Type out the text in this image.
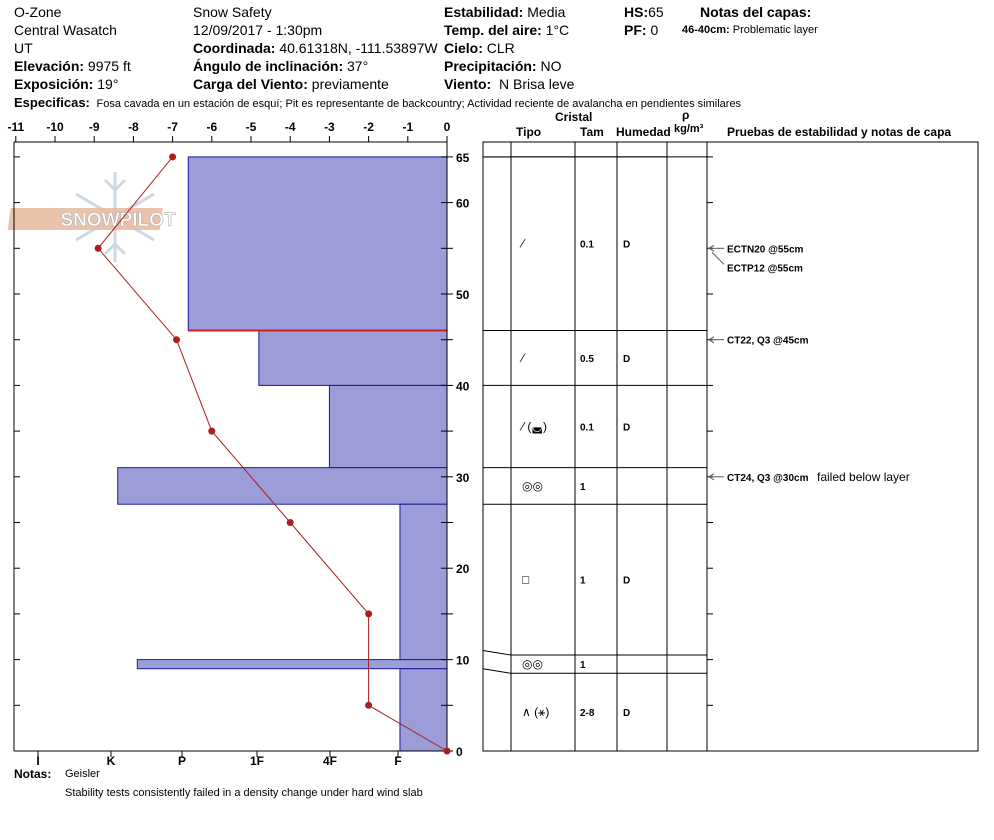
O-Zone
Central Wasatch
UT
Elevación: 9975 ft
Exposición: 19°
Snow Safety
12/09/2017 - 1:30pm
Coordinada: 40.61318N, -111.53897W
Ángulo de inclinación: 37°
Carga del Viento: previamente
Estabilidad: Media
Temp. del aire: 1°C
Cielo: CLR
Precipitación: NO
Viento: N Brisa leve
HS:65
PF: 0
Notas del capas:
46-40cm: Problematic layer
Especificas: Fosa cavada en un estación de esquí; Pit es representante de backcountry; Actividad reciente de avalancha en pendientes similares
Cristal
Tipo	Tam Humedad
ρ
kg/m³ Pruebas de estabilidad y notas de capa
Notas: Geisler
Stability tests consistently failed in a density change under hard wind slab
SNOWPILOT
-11 -10 -9 -8 -7 -6 -5 -4 -3 -2 -1	0
0
10
20
30
40
50
60
65
I	K	P	1F	4F	F
⁄	0.1	D
⁄	0.5	D
⁄ (◛)	0.1	D
◎◎	1
□	1	D
◎◎	1
∧ (⚹)	2-8	D
ECTN20 @55cm
CT22, Q3 @45cm
CT24, Q3 @30cm failed below layer
ECTP12 @55cm
